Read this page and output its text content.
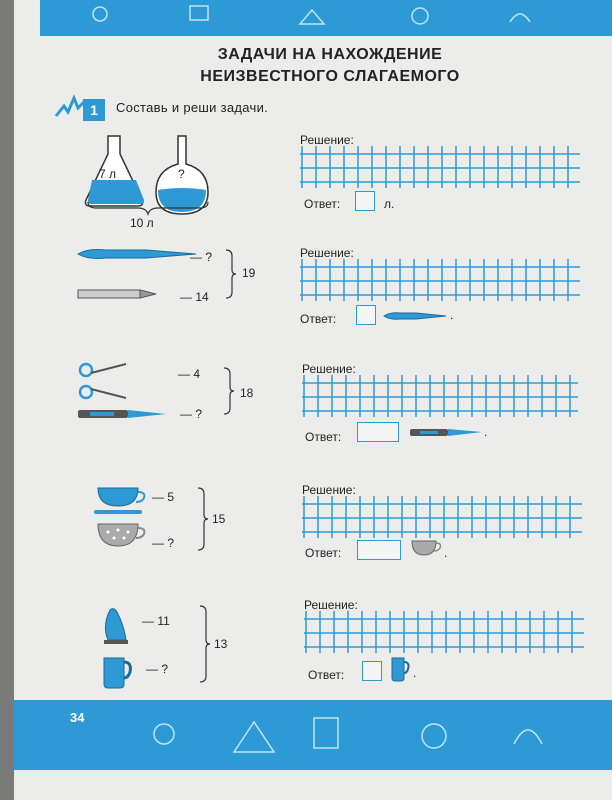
ЗАДАЧИ НА НАХОЖДЕНИЕ
НЕИЗВЕСТНОГО СЛАГАЕМОГО
1	Составь и реши задачи.
7 л	?
10 л
Решение:
Ответ:	л.
— ?
— 14
19
Решение:
Ответ:	.
— 4
— ?
18
Решение:
Ответ:	.
— 5
— ?
15
Решение:
Ответ:	.
— 11
— ?
13
Решение:
Ответ:	.
34
